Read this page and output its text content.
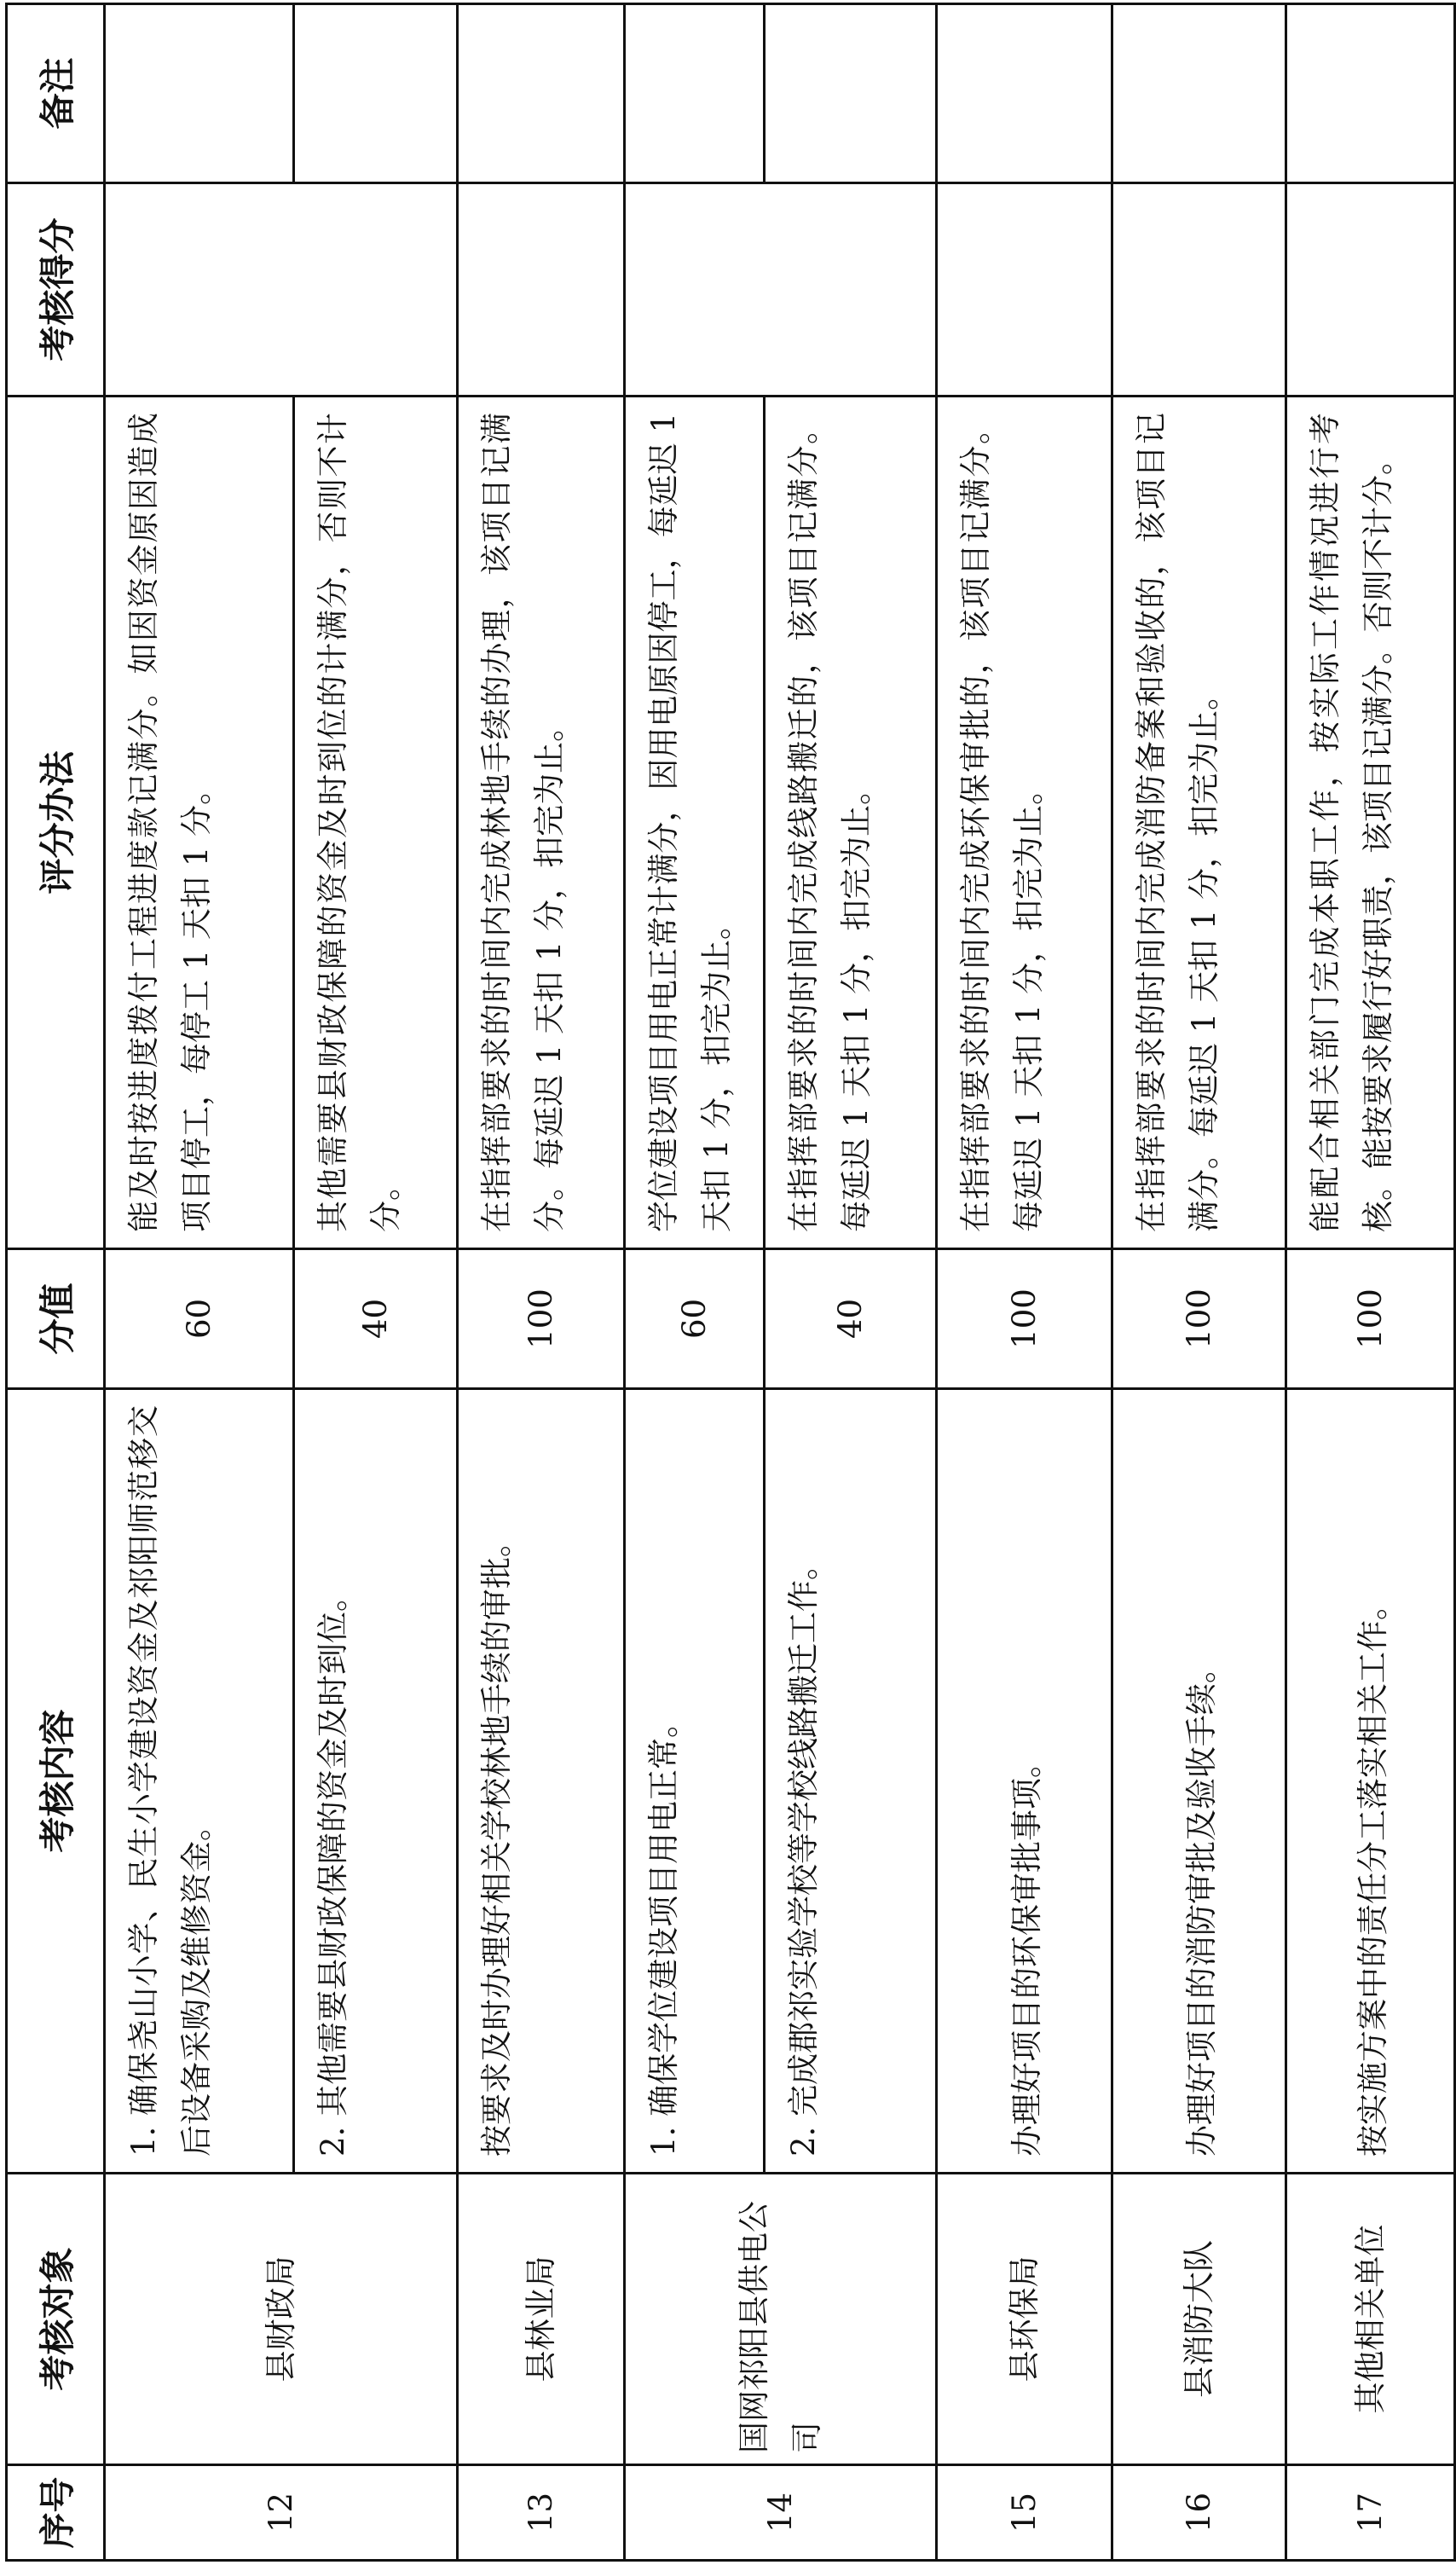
序号	考核对象	考核内容	分值	评分办法	考核得分	备注
12	县财政局	1. 确保尧山小学、民生小学建设资金及祁阳师范移交后设备采购及维修资金。	60	能及时按进度拨付工程进度款记满分。如因资金原因造成项目停工，每停工 1 天扣 1 分。		
		2. 其他需要县财政保障的资金及时到位。	40	其他需要县财政保障的资金及时到位的计满分，否则不计分。		
13	县林业局	按要求及时办理好相关学校林地手续的审批。	100	在指挥部要求的时间内完成林地手续的办理，该项目记满分。每延迟 1 天扣 1 分，扣完为止。		
14	国网祁阳县供电公司	1. 确保学位建设项目用电正常。	60	学位建设项目用电正常计满分，因用电原因停工，每延迟 1 天扣 1 分，扣完为止。		
		2. 完成郡祁实验学校等学校线路搬迁工作。	40	在指挥部要求的时间内完成线路搬迁的，该项目记满分。每延迟 1 天扣 1 分，扣完为止。		
15	县环保局	办理好项目的环保审批事项。	100	在指挥部要求的时间内完成环保审批的，该项目记满分。每延迟 1 天扣 1 分，扣完为止。		
16	县消防大队	办理好项目的消防审批及验收手续。	100	在指挥部要求的时间内完成消防备案和验收的，该项目记满分。每延迟 1 天扣 1 分，扣完为止。		
17	其他相关单位	按实施方案中的责任分工落实相关工作。	100	能配合相关部门完成本职工作，按实际工作情况进行考核。能按要求履行好职责，该项目记满分。否则不计分。		
